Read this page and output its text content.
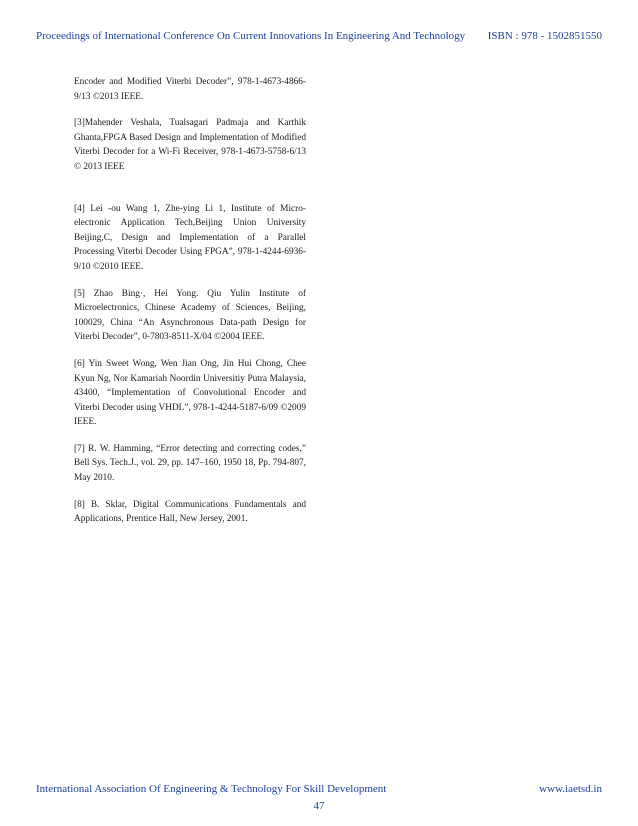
Proceedings of International Conference On Current Innovations In Engineering And Technology ISBN : 978 - 1502851550

Encoder and Modified Viterbi Decoder”, 978-1-4673-4866-9/13 ©2013 IEEE.

[3]Mahender Veshala, Tualsagari Padmaja and Karthik Ghanta,FPGA Based Design and Implementation of Modified Viterbi Decoder for a Wi-Fi Receiver, 978-1-4673-5758-6/13 © 2013 IEEE

[4] Lei -ou Wang 1, Zhe-ying Li 1, Institute of Micro-electronic Application Tech,Beijing Union University Beijing,C, Design and Implementation of a Parallel Processing Viterbi Decoder Using FPGA”, 978-1-4244-6936-9/10 ©2010 IEEE.

[5] Zhao Bing·, Hei Yong. Qiu Yulin Institute of Microelectronics, Chinese Academy of Sciences, Beijing, 100029, China “An Asynchronous Data-path Design for Viterbi Decoder”, 0-7803-8511-X/04 ©2004 IEEE.

[6] Yin Sweet Wong, Wen Jian Ong, Jin Hui Chong, Chee Kyun Ng, Nor Kamariah Noordin Universitiy Putra Malaysia, 43400, “Implementation of Convolutional Encoder and Viterbi Decoder using VHDL”, 978-1-4244-5187-6/09 ©2009 IEEE.

[7] R. W. Hamming, “Error detecting and correcting codes,” Bell Sys. Tech.J., vol. 29, pp. 147–160, 1950 18, Pp. 794-807, May 2010.

[8] B. Sklar, Digital Communications Fundamentals and Applications, Prentice Hall, New Jersey, 2001.

International Association Of Engineering & Technology For Skill Development	www.iaetsd.in
47
